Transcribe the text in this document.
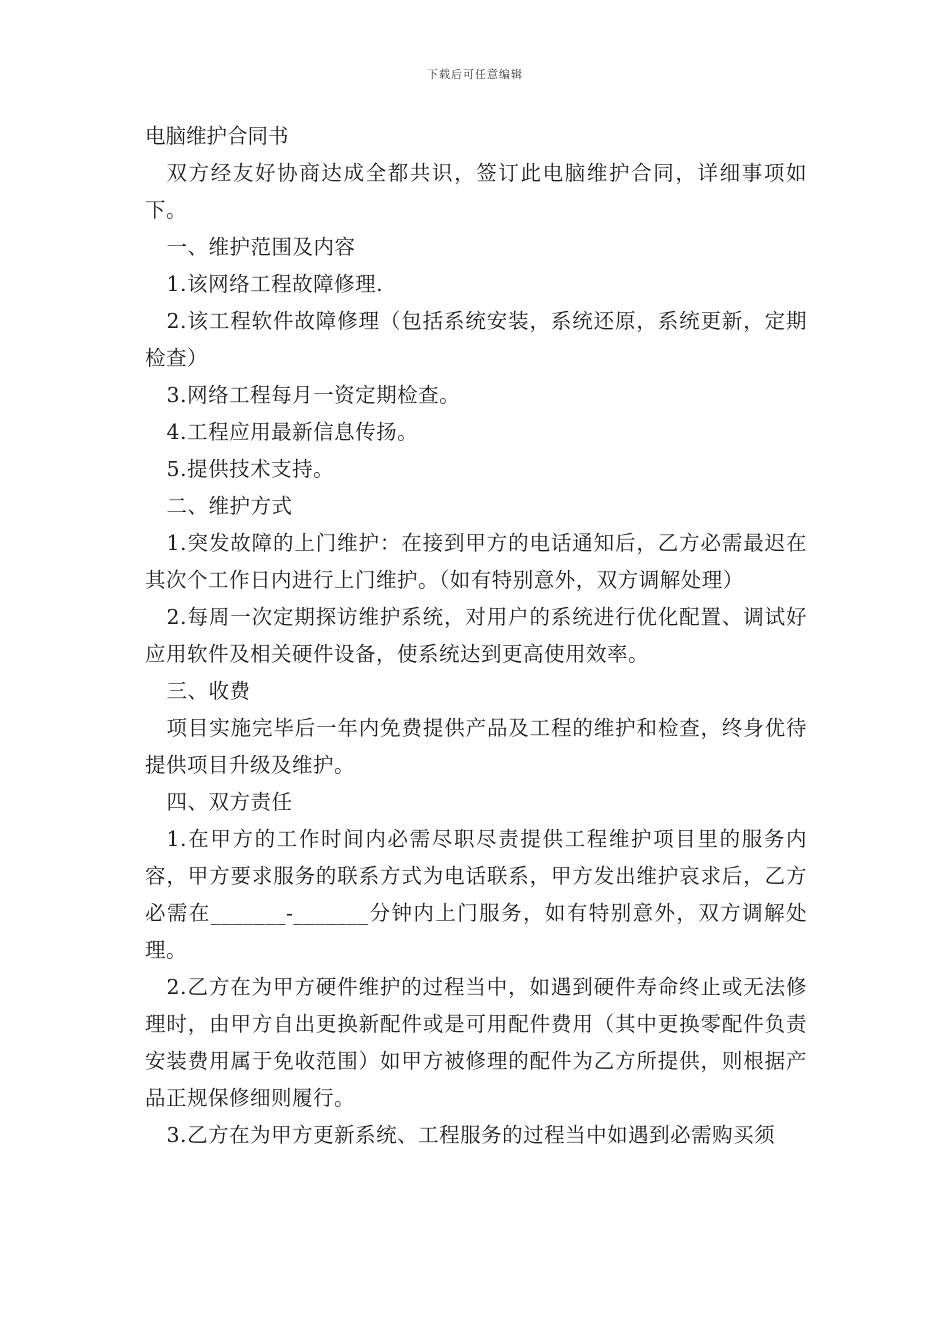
下载后可任意编辑

电脑维护合同书

双方经友好协商达成全都共识，签订此电脑维护合同，详细事项如下。

一、维护范围及内容

1.该网络工程故障修理.

2.该工程软件故障修理（包括系统安装，系统还原，系统更新，定期检查）

3.网络工程每月一资定期检查。

4.工程应用最新信息传扬。

5.提供技术支持。

二、维护方式

1.突发故障的上门维护：在接到甲方的电话通知后，乙方必需最迟在其次个工作日内进行上门维护。（如有特别意外，双方调解处理）

2.每周一次定期探访维护系统，对用户的系统进行优化配置、调试好应用软件及相关硬件设备，使系统达到更高使用效率。

三、收费

项目实施完毕后一年内免费提供产品及工程的维护和检查，终身优待提供项目升级及维护。

四、双方责任

1.在甲方的工作时间内必需尽职尽责提供工程维护项目里的服务内容，甲方要求服务的联系方式为电话联系，甲方发出维护哀求后，乙方必需在_______-_______分钟内上门服务，如有特别意外，双方调解处理。

2.乙方在为甲方硬件维护的过程当中，如遇到硬件寿命终止或无法修理时，由甲方自出更换新配件或是可用配件费用（其中更换零配件负责安装费用属于免收范围）如甲方被修理的配件为乙方所提供，则根据产品正规保修细则履行。

3.乙方在为甲方更新系统、工程服务的过程当中如遇到必需购买须
